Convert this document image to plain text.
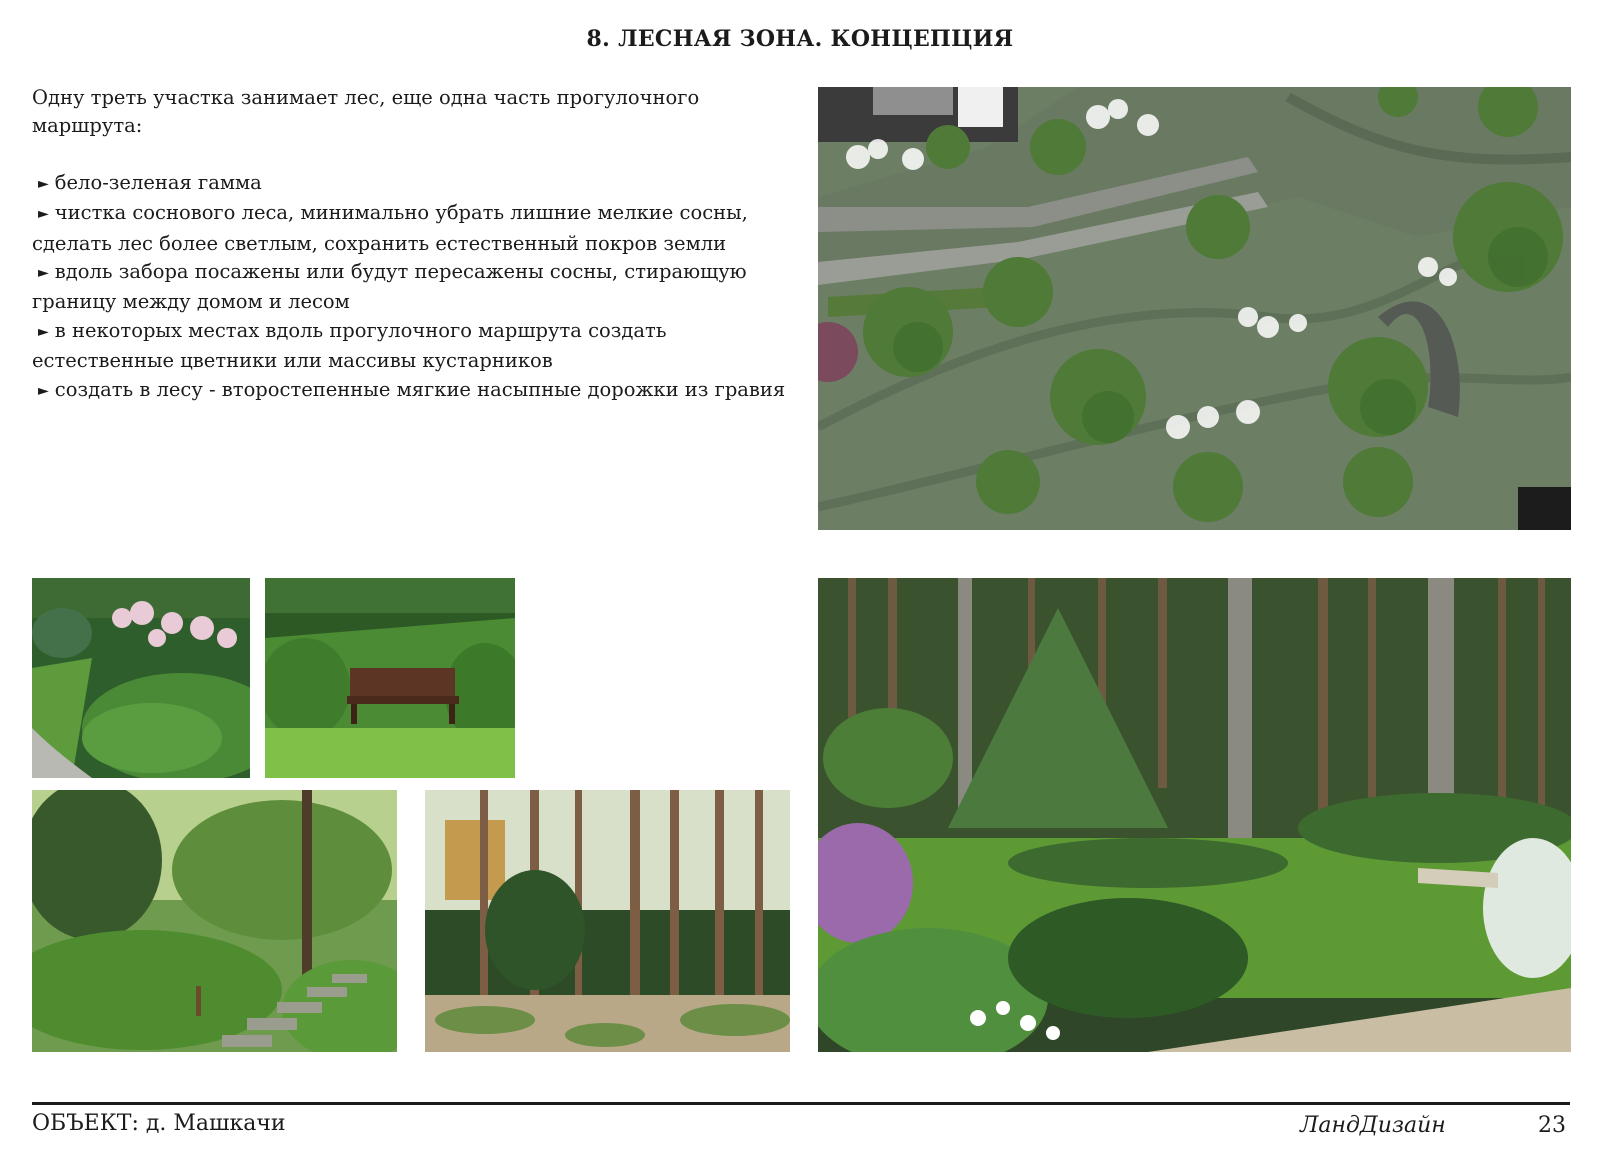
8. ЛЕСНАЯ ЗОНА. КОНЦЕПЦИЯ

Одну треть участка занимает лес, еще одна часть прогулочного маршрута:

► бело-зеленая гамма
► чистка соснового леса, минимально убрать лишние мелкие сосны,
сделать лес более светлым, сохранить естественный покров земли
► вдоль забора посажены или будут пересажены сосны, стирающую
границу между домом и лесом
► в некоторых местах вдоль прогулочного маршрута создать
естественные цветники или массивы кустарников
► создать в лесу - второстепенные мягкие насыпные дорожки из гравия
ОБЪЕКТ: д. Машкачи	ЛандДизайн	23
